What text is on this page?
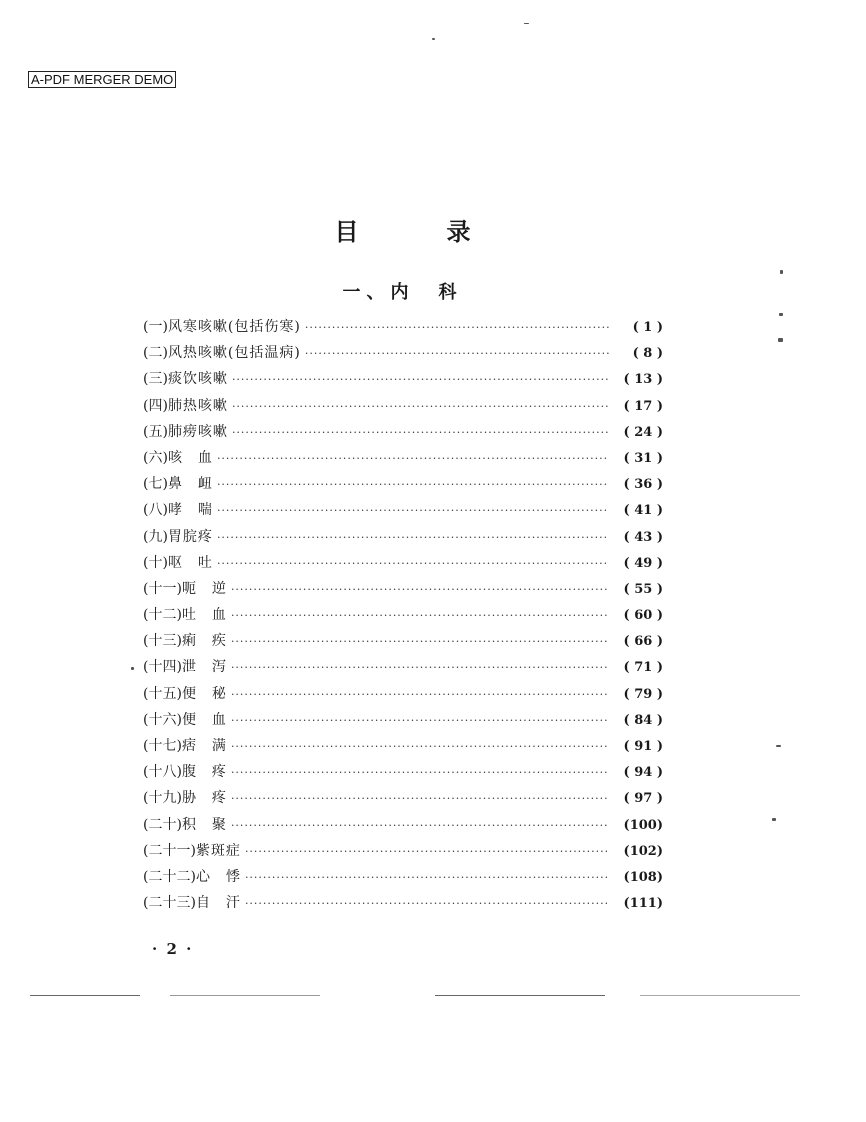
A-PDF MERGER DEMO
目录
一、内　科
(一) 风寒咳嗽(包括伤寒) ·····	( 1 )
(二) 风热咳嗽(包括温病) ·····	( 8 )
(三) 痰饮咳嗽 ·····	( 13 )
(四) 肺热咳嗽 ·····	( 17 )
(五) 肺痨咳嗽 ·····	( 24 )
(六) 咳　血 ·····	( 31 )
(七) 鼻　衄 ·····	( 36 )
(八) 哮　喘 ·····	( 41 )
(九) 胃脘疼 ·····	( 43 )
(十) 呕　吐 ·····	( 49 )
(十一) 呃　逆 ·····	( 55 )
(十二) 吐　血 ·····	( 60 )
(十三) 痢　疾 ·····	( 66 )
(十四) 泄　泻 ·····	( 71 )
(十五) 便　秘 ·····	( 79 )
(十六) 便　血 ·····	( 84 )
(十七) 痞　满 ·····	( 91 )
(十八) 腹　疼 ·····	( 94 )
(十九) 胁　疼 ·····	( 97 )
(二十) 积　聚 ·····	(100)
(二十一) 紫斑症 ·····	(102)
(二十二) 心　悸 ·····	(108)
(二十三) 自　汗 ·····	(111)
· 2 ·
